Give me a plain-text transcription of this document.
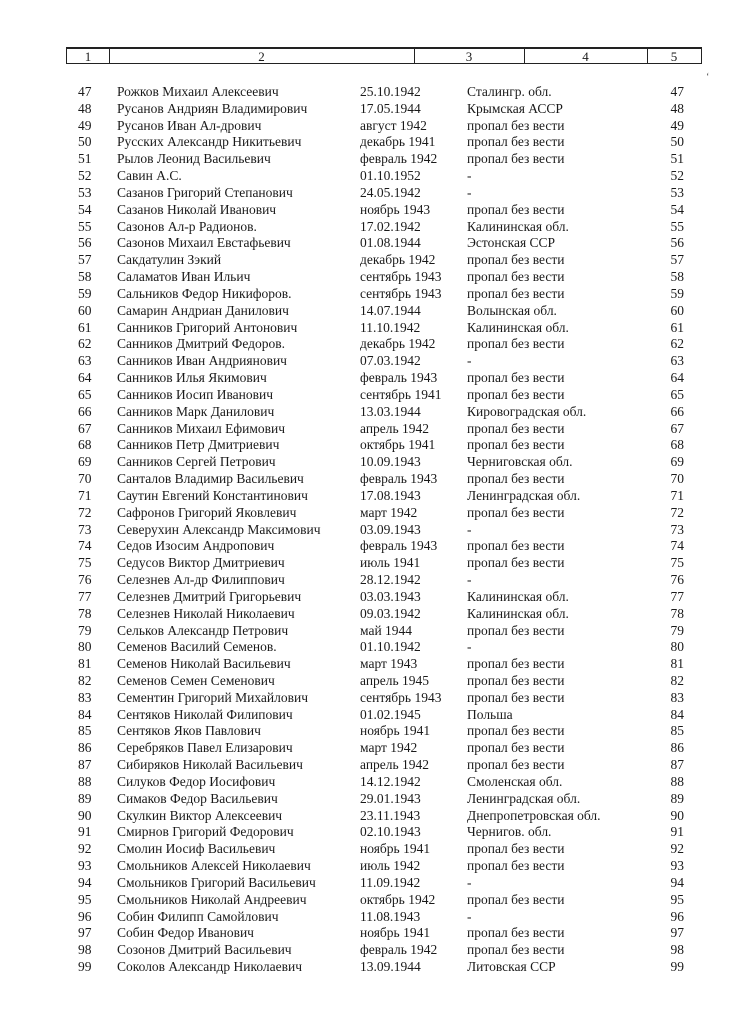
1	2	3	4	5
‘
47	Рожков Михаил Алексеевич	25.10.1942	Сталингр. обл.	47
48	Русанов Андриян Владимирович	17.05.1944	Крымская АССР	48
49	Русанов Иван Ал-дрович	август 1942	пропал без вести	49
50	Русских Александр Никитьевич	декабрь 1941 пропал без вести	50
51	Рылов Леонид Васильевич	февраль 1942 пропал без вести	51
52	Савин А.С.	01.10.1952	-	52
53	Сазанов Григорий Степанович	24.05.1942	-	53
54	Сазанов Николай Иванович	ноябрь 1943	пропал без вести	54
55	Сазонов Ал-р Радионов.	17.02.1942	Калининская обл.	55
56	Сазонов Михаил Евстафьевич	01.08.1944	Эстонская ССР	56
57	Сакдатулин Зэкий	декабрь 1942 пропал без вести	57
58	Саламатов Иван Ильич	сентябрь 1943 пропал без вести	58
59	Сальников Федор Никифоров.	сентябрь 1943 пропал без вести	59
60	Самарин Андриан Данилович	14.07.1944	Волынская обл.	60
61	Санников Григорий Антонович	11.10.1942	Калининская обл.	61
62	Санников Дмитрий Федоров.	декабрь 1942 пропал без вести	62
63	Санников Иван Андриянович	07.03.1942	-	63
64	Санников Илья Якимович	февраль 1943 пропал без вести	64
65	Санников Иосип Иванович	сентябрь 1941 пропал без вести	65
66	Санников Марк Данилович	13.03.1944	Кировоградская обл.	66
67	Санников Михаил Ефимович	апрель 1942	пропал без вести	67
68	Санников Петр Дмитриевич	октябрь 1941 пропал без вести	68
69	Санников Сергей Петрович	10.09.1943	Черниговская обл.	69
70	Санталов Владимир Васильевич	февраль 1943 пропал без вести	70
71	Саутин Евгений Константинович	17.08.1943	Ленинградская обл.	71
72	Сафронов Григорий Яковлевич	март 1942	пропал без вести	72
73	Северухин Александр Максимович	03.09.1943	-	73
74	Седов Изосим Андропович	февраль 1943 пропал без вести	74
75	Седусов Виктор Дмитриевич	июль 1941	пропал без вести	75
76	Селезнев Ал-др Филиппович	28.12.1942	-	76
77	Селезнев Дмитрий Григорьевич	03.03.1943	Калининская обл.	77
78	Селезнев Николай Николаевич	09.03.1942	Калининская обл.	78
79	Сельков Александр Петрович	май 1944	пропал без вести	79
80	Семенов Василий Семенов.	01.10.1942	-	80
81	Семенов Николай Васильевич	март 1943	пропал без вести	81
82	Семенов Семен Семенович	апрель 1945	пропал без вести	82
83	Сементин Григорий Михайлович	сентябрь 1943 пропал без вести	83
84	Сентяков Николай Филипович	01.02.1945	Польша	84
85	Сентяков Яков Павлович	ноябрь 1941	пропал без вести	85
86	Серебряков Павел Елизарович	март 1942	пропал без вести	86
87	Сибиряков Николай Васильевич	апрель 1942	пропал без вести	87
88	Силуков Федор Иосифович	14.12.1942	Смоленская обл.	88
89	Симаков Федор Васильевич	29.01.1943	Ленинградская обл.	89
90	Скулкин Виктор Алексеевич	23.11.1943	Днепропетровская обл.	90
91	Смирнов Григорий Федорович	02.10.1943	Чернигов. обл.	91
92	Смолин Иосиф Васильевич	ноябрь 1941	пропал без вести	92
93	Смольников Алексей Николаевич	июль 1942	пропал без вести	93
94	Смольников Григорий Васильевич	11.09.1942	-	94
95	Смольников Николай Андреевич	октябрь 1942 пропал без вести	95
96	Собин Филипп Самойлович	11.08.1943	-	96
97	Собин Федор Иванович	ноябрь 1941	пропал без вести	97
98	Созонов Дмитрий Васильевич	февраль 1942 пропал без вести	98
99	Соколов Александр Николаевич	13.09.1944	Литовская ССР	99
